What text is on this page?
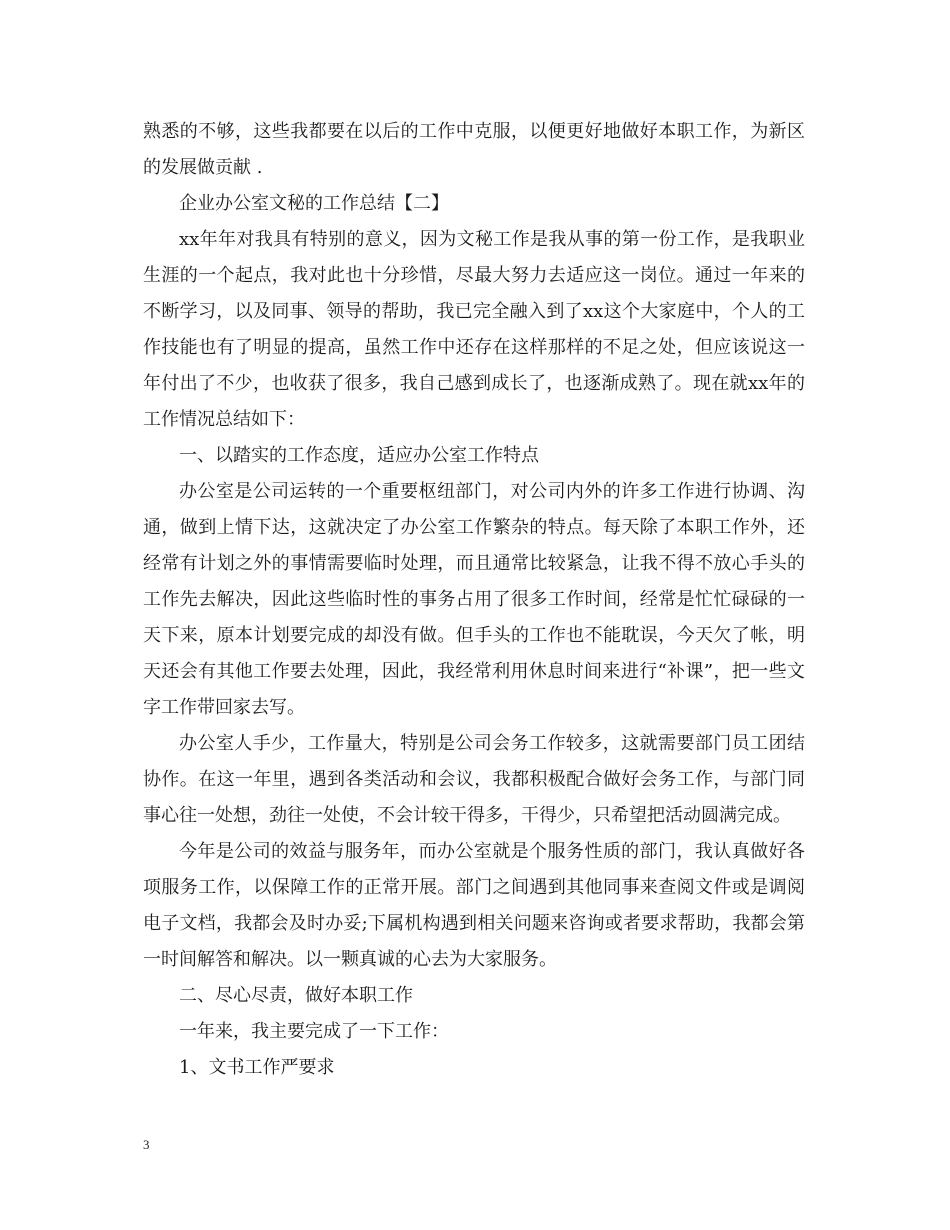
熟悉的不够，这些我都要在以后的工作中克服，以便更好地做好本职工作，为新区的发展做贡献 .

企业办公室文秘的工作总结【二】

xx年年对我具有特别的意义，因为文秘工作是我从事的第一份工作，是我职业生涯的一个起点，我对此也十分珍惜，尽最大努力去适应这一岗位。通过一年来的不断学习，以及同事、领导的帮助，我已完全融入到了xx这个大家庭中，个人的工作技能也有了明显的提高，虽然工作中还存在这样那样的不足之处，但应该说这一年付出了不少，也收获了很多，我自己感到成长了，也逐渐成熟了。现在就xx年的工作情况总结如下：

一、以踏实的工作态度，适应办公室工作特点

办公室是公司运转的一个重要枢纽部门，对公司内外的许多工作进行协调、沟通，做到上情下达，这就决定了办公室工作繁杂的特点。每天除了本职工作外，还经常有计划之外的事情需要临时处理，而且通常比较紧急，让我不得不放心手头的工作先去解决，因此这些临时性的事务占用了很多工作时间，经常是忙忙碌碌的一天下来，原本计划要完成的却没有做。但手头的工作也不能耽误，今天欠了帐，明天还会有其他工作要去处理，因此，我经常利用休息时间来进行“补课”，把一些文字工作带回家去写。

办公室人手少，工作量大，特别是公司会务工作较多，这就需要部门员工团结协作。在这一年里，遇到各类活动和会议，我都积极配合做好会务工作，与部门同事心往一处想，劲往一处使，不会计较干得多，干得少，只希望把活动圆满完成。

今年是公司的效益与服务年，而办公室就是个服务性质的部门，我认真做好各项服务工作，以保障工作的正常开展。部门之间遇到其他同事来查阅文件或是调阅电子文档，我都会及时办妥;下属机构遇到相关问题来咨询或者要求帮助，我都会第一时间解答和解决。以一颗真诚的心去为大家服务。

二、尽心尽责，做好本职工作

一年来，我主要完成了一下工作：

1、文书工作严要求

3
